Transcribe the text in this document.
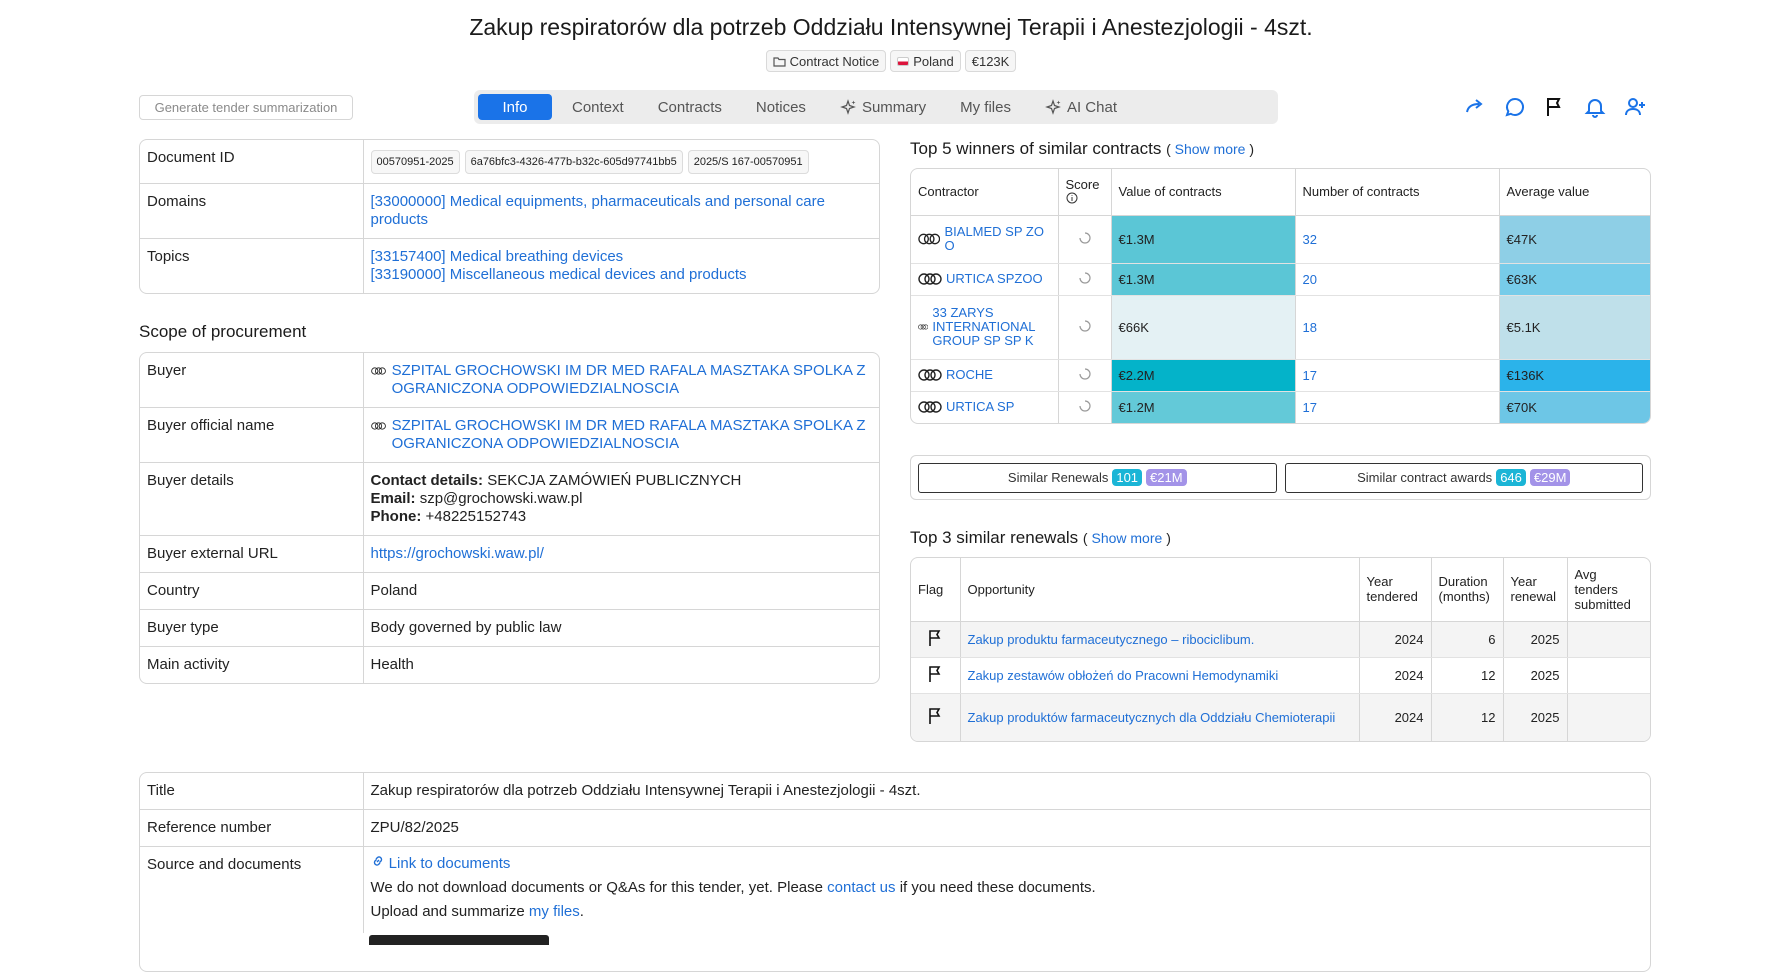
Zakup respiratorów dla potrzeb Oddziału Intensywnej Terapii i Anestezjologii - 4szt.
Contract Notice	Poland €123K
Generate tender summarization	Info	Context Contracts Notices	Summary My files	AI Chat
Document ID	00570951-2025 6a76bfc3-4326-477b-b32c-605d97741bb5 2025/S 167-00570951
Domains	[33000000] Medical equipments, pharmaceuticals and personal care products
Topics	[33157400] Medical breathing devices
[33190000] Miscellaneous medical devices and products
Scope of procurement
Buyer	SZPITAL GROCHOWSKI IM DR MED RAFALA MASZTAKA SPOLKA Z OGRANICZONA ODPOWIEDZIALNOSCIA

Buyer official name	SZPITAL GROCHOWSKI IM DR MED RAFALA MASZTAKA SPOLKA Z OGRANICZONA ODPOWIEDZIALNOSCIA

Buyer details	Contact details: SEKCJA ZAMÓWIEŃ PUBLICZNYCH
Email: szp@grochowski.waw.pl
Phone: +48225152743
Buyer external URL	https://grochowski.waw.pl/
Country	Poland
Buyer type	Body governed by public law
Main activity	Health
Top 5 winners of similar contracts ( Show more )
Contractor	Score	Value of contracts	Number of contracts	Average value

BIALMED SP ZO O		€1.3M	32	€47K

URTICA SPZOO		€1.3M	20	€63K

33 ZARYS INTERNATIONAL GROUP SP SP K		€66K	18	€5.1K

ROCHE		€2.2M	17	€136K

URTICA SP		€1.2M	17	€70K
Similar Renewals 101 €21M	Similar contract awards 646 €29M
Top 3 similar renewals ( Show more )
Flag	Opportunity	Year tendered	Duration (months)	Year renewal	Avg tenders submitted
	Zakup produktu farmaceutycznego – ribociclibum.	2024	6	2025	
	Zakup zestawów obłożeń do Pracowni Hemodynamiki	2024	12	2025	
	Zakup produktów farmaceutycznych dla Oddziału Chemioterapii	2024	12	2025	
Title	Zakup respiratorów dla potrzeb Oddziału Intensywnej Terapii i Anestezjologii - 4szt.
Reference number	ZPU/82/2025
Source and documents	Link to documents
We do not download documents or Q&As for this tender, yet. Please contact us if you need these documents.
Upload and summarize my files.
